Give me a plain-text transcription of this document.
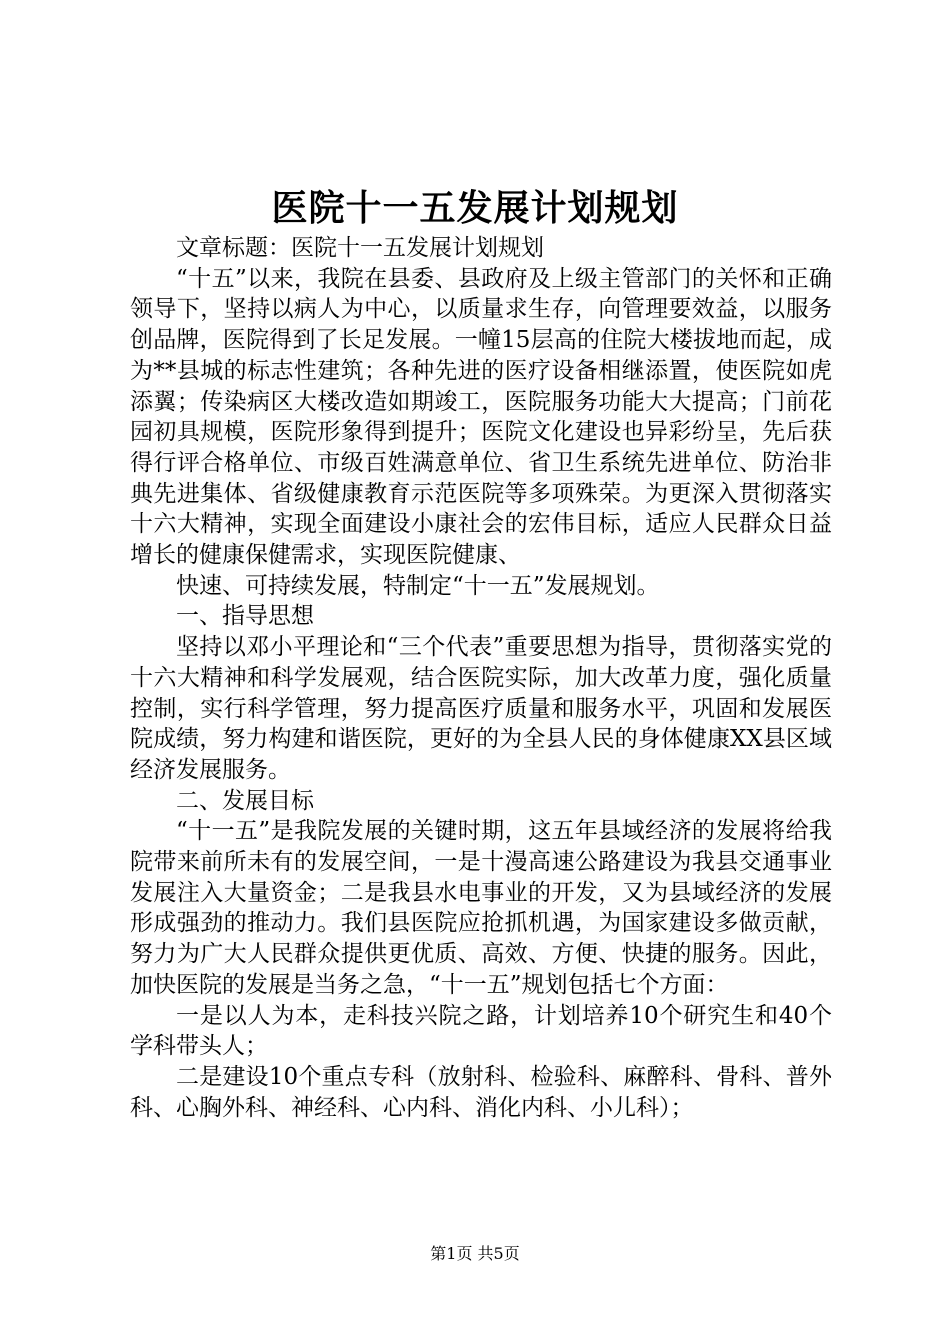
医院十一五发展计划规划

文章标题：医院十一五发展计划规划

“十五”以来，我院在县委、县政府及上级主管部门的关怀和正确领导下，坚持以病人为中心，以质量求生存，向管理要效益，以服务创品牌，医院得到了长足发展。一幢15层高的住院大楼拔地而起，成为**县城的标志性建筑；各种先进的医疗设备相继添置，使医院如虎添翼；传染病区大楼改造如期竣工，医院服务功能大大提高；门前花园初具规模，医院形象得到提升；医院文化建设也异彩纷呈，先后获得行评合格单位、市级百姓满意单位、省卫生系统先进单位、防治非典先进集体、省级健康教育示范医院等多项殊荣。为更深入贯彻落实十六大精神，实现全面建设小康社会的宏伟目标，适应人民群众日益增长的健康保健需求，实现医院健康、

快速、可持续发展，特制定“十一五”发展规划。

一、指导思想

坚持以邓小平理论和“三个代表”重要思想为指导，贯彻落实党的十六大精神和科学发展观，结合医院实际，加大改革力度，强化质量控制，实行科学管理，努力提高医疗质量和服务水平，巩固和发展医院成绩，努力构建和谐医院，更好的为全县人民的身体健康XX县区域经济发展服务。

二、发展目标

“十一五”是我院发展的关键时期，这五年县域经济的发展将给我院带来前所未有的发展空间，一是十漫高速公路建设为我县交通事业发展注入大量资金；二是我县水电事业的开发，又为县域经济的发展形成强劲的推动力。我们县医院应抢抓机遇，为国家建设多做贡献，努力为广大人民群众提供更优质、高效、方便、快捷的服务。因此，加快医院的发展是当务之急，“十一五”规划包括七个方面：

一是以人为本，走科技兴院之路，计划培养10个研究生和40个学科带头人；

二是建设10个重点专科（放射科、检验科、麻醉科、骨科、普外科、心胸外科、神经科、心内科、消化内科、小儿科）；

第1页 共5页
